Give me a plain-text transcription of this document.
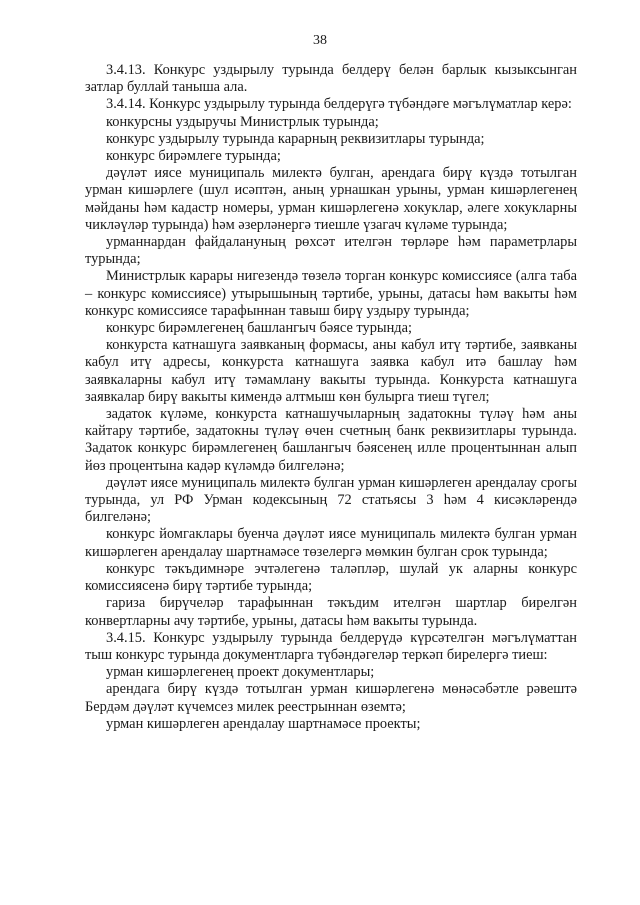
38

3.4.13. Конкурс уздырылу турында белдерү белән барлык кызыксынган затлар буллай таныша ала.

3.4.14. Конкурс уздырылу турында белдерүгә түбәндәге мәгълүматлар керә:

конкурсны уздыручы Министрлык турында;

конкурс уздырылу турында карарның реквизитлары турында;

конкурс бирәмлеге турында;

дәүләт иясе муниципаль милектә булган, арендага бирү күздә тотылган урман кишәрлеге (шул исәптән, аның урнашкан урыны, урман кишәрлегенең мәйданы һәм кадастр номеры, урман кишәрлегенә хокуклар, әлеге хокукларны чикләүләр турында) һәм әзерләнергә тиешле үзагач күләме турында;

урманнардан файдалануның рөхсәт ителгән төрләре һәм параметрлары турында;

Министрлык карары нигезендә төзелә торган конкурс комиссиясе (алга таба – конкурс комиссиясе) утырышының тәртибе, урыны, датасы һәм вакыты һәм конкурс комиссиясе тарафыннан тавыш бирү уздыру турында;

конкурс бирәмлегенең башлангыч бәясе турында;

конкурста катнашуга заявканың формасы, аны кабул итү тәртибе, заявканы кабул итү адресы, конкурста катнашуга заявка кабул итә башлау һәм заявкаларны кабул итү тәмамлану вакыты турында. Конкурста катнашуга заявкалар бирү вакыты кимендә алтмыш көн булырга тиеш түгел;

задаток күләме, конкурста катнашучыларның задатокны түләү һәм аны кайтару тәртибе, задатокны түләү өчен счетның банк реквизитлары турында. Задаток конкурс бирәмлегенең башлангыч бәясенең илле процентыннан алып йөз процентына кадәр күләмдә билгеләнә;

дәүләт иясе муниципаль милектә булган урман кишәрлеген арендалау срогы турында, ул РФ Урман кодексының 72 статьясы 3 һәм 4 кисәкләрендә билгеләнә;

конкурс йомгаклары буенча дәүләт иясе муниципаль милектә булган урман кишәрлеген арендалау шартнамәсе төзелергә мөмкин булган срок турында;

конкурс тәкъдимнәре эчтәлегенә таләпләр, шулай ук аларны конкурс комиссиясенә бирү тәртибе турында;

гариза бирүчеләр тарафыннан тәкъдим ителгән шартлар бирелгән конвертларны ачу тәртибе, урыны, датасы һәм вакыты турында.

3.4.15. Конкурс уздырылу турында белдерүдә күрсәтелгән мәгълүматтан тыш конкурс турында документларга түбәндәгеләр теркәп бирелергә тиеш:

урман кишәрлегенең проект документлары;

арендага бирү күздә тотылган урман кишәрлегенә мөнәсәбәтле рәвештә Бердәм дәүләт күчемсез милек реестрыннан өземтә;

урман кишәрлеген арендалау шартнамәсе проекты;
